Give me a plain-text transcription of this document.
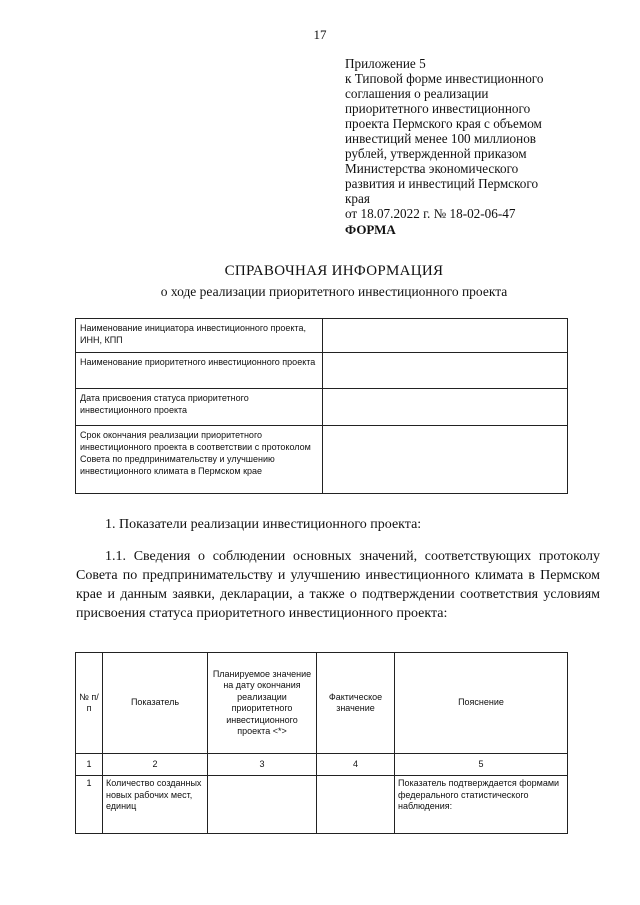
17
Приложение 5
к Типовой форме инвестиционного
соглашения о реализации
приоритетного инвестиционного
проекта Пермского края с объемом
инвестиций менее 100 миллионов
рублей, утвержденной приказом
Министерства экономического
развития и инвестиций Пермского
края
от 18.07.2022 г. № 18-02-06-47
ФОРМА
СПРАВОЧНАЯ ИНФОРМАЦИЯ
о ходе реализации приоритетного инвестиционного проекта
Наименование инициатора инвестиционного проекта, ИНН, КПП	
Наименование приоритетного инвестиционного проекта	
Дата присвоения статуса приоритетного инвестиционного проекта	
Срок окончания реализации приоритетного инвестиционного проекта в соответствии с протоколом Совета по предпринимательству и улучшению инвестиционного климата в Пермском крае	
1. Показатели реализации инвестиционного проекта:
1.1. Сведения о соблюдении основных значений, соответствующих протоколу Совета по предпринимательству и улучшению инвестиционного климата в Пермском крае и данным заявки, декларации, а также о подтверждении соответствия условиям присвоения статуса приоритетного инвестиционного проекта:
№ п/п	Показатель	Планируемое значение на дату окончания реализации приоритетного инвестиционного проекта <*>	Фактическое значение	Пояснение
1	2	3	4	5
1	Количество созданных новых рабочих мест, единиц			Показатель подтверждается формами федерального статистического наблюдения:
